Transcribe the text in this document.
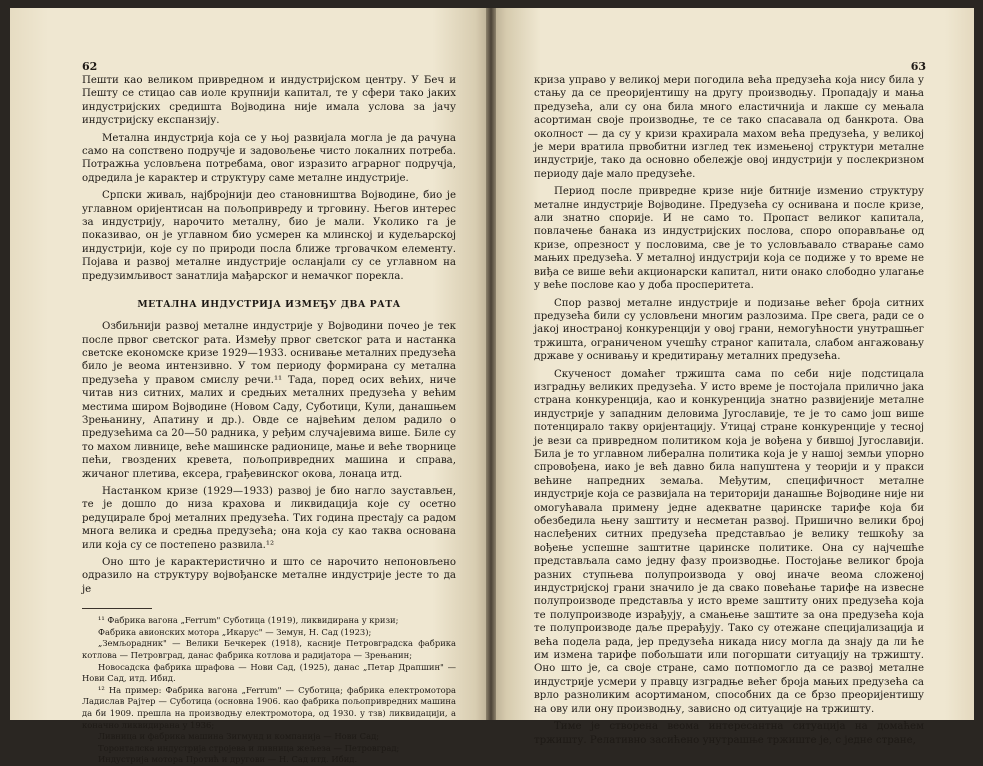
62

Пешти као великом привредном и индустријском центру. У Беч и Пешту се стицао сав иоле крупнији капитал, те у сфери тако јаких индустријских средишта Војводина није имала услова за јачу индустријску експанзију.

Метална индустрија која се у њој развијала могла је да рачуна само на сопствено подручје и задовољење чисто локалних потреба. Потражња условљена потребама, овог изразито аграрног подручја, одредила је карактер и структуру саме металне индустрије.

Српски живаљ, најбројнији део становништва Војводине, био је углавном оријентисан на пољопривреду и трговину. Његов интерес за индустрију, нарочито металну, био је мали. Уколико га је показивао, он је углавном био усмерен ка млинској и кудељарској индустрији, које су по природи посла ближе трговачком елементу. Појава и развој металне индустрије осланјали су се углавном на предузимљивост занатлија мађарског и немачког порекла.

МЕТАЛНА ИНДУСТРИЈА ИЗМЕЂУ ДВА РАТА

Озбиљнији развој металне индустрије у Војводини почео је тек после првог светског рата. Између првог светског рата и настанка светске економске кризе 1929—1933. оснивање металних предузећа било је веома интензивно. У том периоду формирана су метална предузећа у правом смислу речи.¹¹ Тада, поред осих већих, ниче читав низ ситних, малих и средњих металних предузећа у већим местима широм Војводине (Новом Саду, Суботици, Кули, данашњем Зрењанину, Апатину и др.). Овде се највећим делом радило о предузећима са 20—50 радника, у ређим случајевима више. Биле су то махом ливнице, веће машинске радионице, мање и веће творнице пећи, гвоздених кревета, пољопривредних машина и справа, жичаног плетива, ексера, грађевинског окова, лонаца итд.

Настанком кризе (1929—1933) развој је био нагло заустављен, те је дошло до низа крахова и ликвидација које су осетно редуцирале број металних предузећа. Тих година престају са радом многа велика и средња предузећа; она која су као таква основана или која су се постепено развила.¹²

Оно што је карактеристично и што се нарочито непоновљено одразило на структуру војвођанске металне индустрије јесте то да је

¹¹ Фабрика вагона „Ferrum" Суботица (1919), ликвидирана у кризи;

Фабрика авионских мотора „Икарус" — Земун, Н. Сад (1923);

„Земљорадник" — Велики Бечкерек (1918), касније Петровградска фабрика котлова — Петровград, данас фабрика котлова и радијатора — Зрењанин;

Новосадска фабрика шрафова — Нови Сад, (1925), данас „Петар Драпшин" — Нови Сад, итд. Ибид.

¹² На пример: Фабрика вагона „Ferrum" — Суботица; фабрика електромотора Ладислав Рајтер — Суботица (основна 1906. као фабрика пољопривредних машина да би 1909. прешла на производњу електромотора, од 1930. у тзв) ликвидацији, а коначно ликвидирана у 1936;

Ливница и фабрика машина Зигмунд и компанија — Нови Сад;

Торонталска индустрија стројева и ливница жељеза — Петровград;

Индустрија мотора Протић и другови — Н. Сад итд. Ибид.

63

криза управо у великој мери погодила већа предузећа која нису била у стању да се преоријентишу на другу производњу. Пропадају и мања предузећа, али су она била много еластичнија и лакше су мењала асортиман своје производње, те се тако спасавала од банкрота. Ова околност — да су у кризи крахирала махом већа предузећа, у великој је мери вратила првобитни изглед тек измењеној структури металне индустрије, тако да основно обележје овој индустрији у послекризном периоду даје мало предузеће.

Период после привредне кризе није битније изменио структуру металне индустрије Војводине. Предузећа су оснивана и после кризе, али знатно спорије. И не само то. Пропаст великог капитала, повлачење банака из индустријских послова, споро опорављање од кризе, опрезност у пословима, све је то условљавало стварање само мањих предузећа. У металној индустрији која се подиже у то време не виђа се више већи акционарски капитал, нити онако слободно улагање у веће послове као у доба просперитета.

Спор развој металне индустрије и подизање већег броја ситних предузећа били су условљени многим разлозима. Пре свега, ради се о јакој иностраној конкуренцији у овој грани, немогућности унутрашњег тржишта, ограниченом учешћу страног капитала, слабом ангажовању државе у оснивању и кредитирању металних предузећа.

Скученост домаћег тржишта сама по себи није подстицала изградњу великих предузећа. У исто време је постојала прилично јака страна конкуренција, као и конкуренција знатно развијеније металне индустрије у западним деловима Југославије, те је то само још више потенцирало такву оријентацију. Утицај стране конкуренције у тесној је вези са привредном политиком која је вођена у бившој Југославији. Била је то углавном либерална политика која је у нашој земљи упорно спровођена, иако је већ давно била напуштена у теорији и у пракси већине напредних земаља. Међутим, специфичност металне индустрије која се развијала на територији данашње Војводине није ни омогућавала примену једне адекватне царинске тарифе која би обезбедила њену заштиту и несметан развој. Пришично велики број наслеђених ситних предузећа представљао је велику тешкоћу за вођење успешне заштитне царинске политике. Она су најчешће представљала само једну фазу производње. Постојање великог броја разних ступњева полупроизвода у овој иначе веома сложеној индустријској грани значило је да свако повећање тарифе на извесне полупроизводе представља у исто време заштиту оних предузећа која те полупроизводе израђују, а смањење заштите за она предузећа која те полупроизводе даље прерађују. Тако су отежане специјализација и већа подела рада, јер предузећа никада нису могла да знају да ли ће им измена тарифе побољшати или погоршати ситуацију на тржишту. Оно што је, са своје стране, само потпомогло да се развој металне индустрије усмери у правцу изградње већег броја мањих предузећа са врло разноликим асортиманом, способних да се брзо преоријентишу на ову или ону производњу, зависно од ситуације на тржишту.

Тиме је створена веома интересантна ситуација на домаћем тржишту. Релативно засићено унутрашње тржиште је, с једне стране,
